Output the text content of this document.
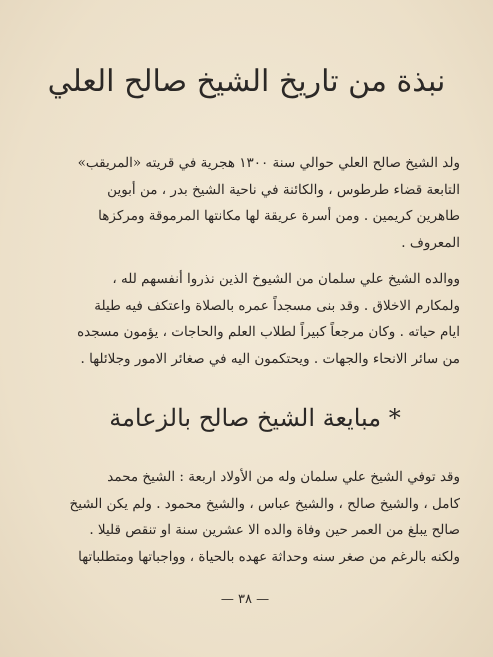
نبذة من تاريخ الشيخ صالح العلي
ولد الشيخ صالح العلي حوالي سنة ١٣٠٠ هجرية في قريته «المريقب»
التابعة قضاء طرطوس ، والكائنة في ناحية الشيخ بدر ، من أبوين
طاهرين كريمين . ومن أسرة عريقة لها مكانتها المرموقة ومركزها
المعروف .
ووالده الشيخ علي سلمان من الشيوخ الذين نذروا أنفسهم لله ،
ولمكارم الاخلاق . وقد بنى مسجداً عمره بالصلاة واعتكف فيه طيلة
ايام حياته . وكان مرجعاً كبيراً لطلاب العلم والحاجات ، يؤمون مسجده
من سائر الانحاء والجهات . ويحتكمون اليه في صغائر الامور وجلائلها .
* مبايعة الشيخ صالح بالزعامة
وقد توفي الشيخ علي سلمان وله من الأولاد اربعة : الشيخ محمد
كامل ، والشيخ صالح ، والشيخ عباس ، والشيخ محمود . ولم يكن الشيخ
صالح يبلغ من العمر حين وفاة والده الا عشرين سنة او تنقص قليلا .
ولكنه بالرغم من صغر سنه وحداثة عهده بالحياة ، وواجباتها ومتطلباتها
— ٣٨ —
